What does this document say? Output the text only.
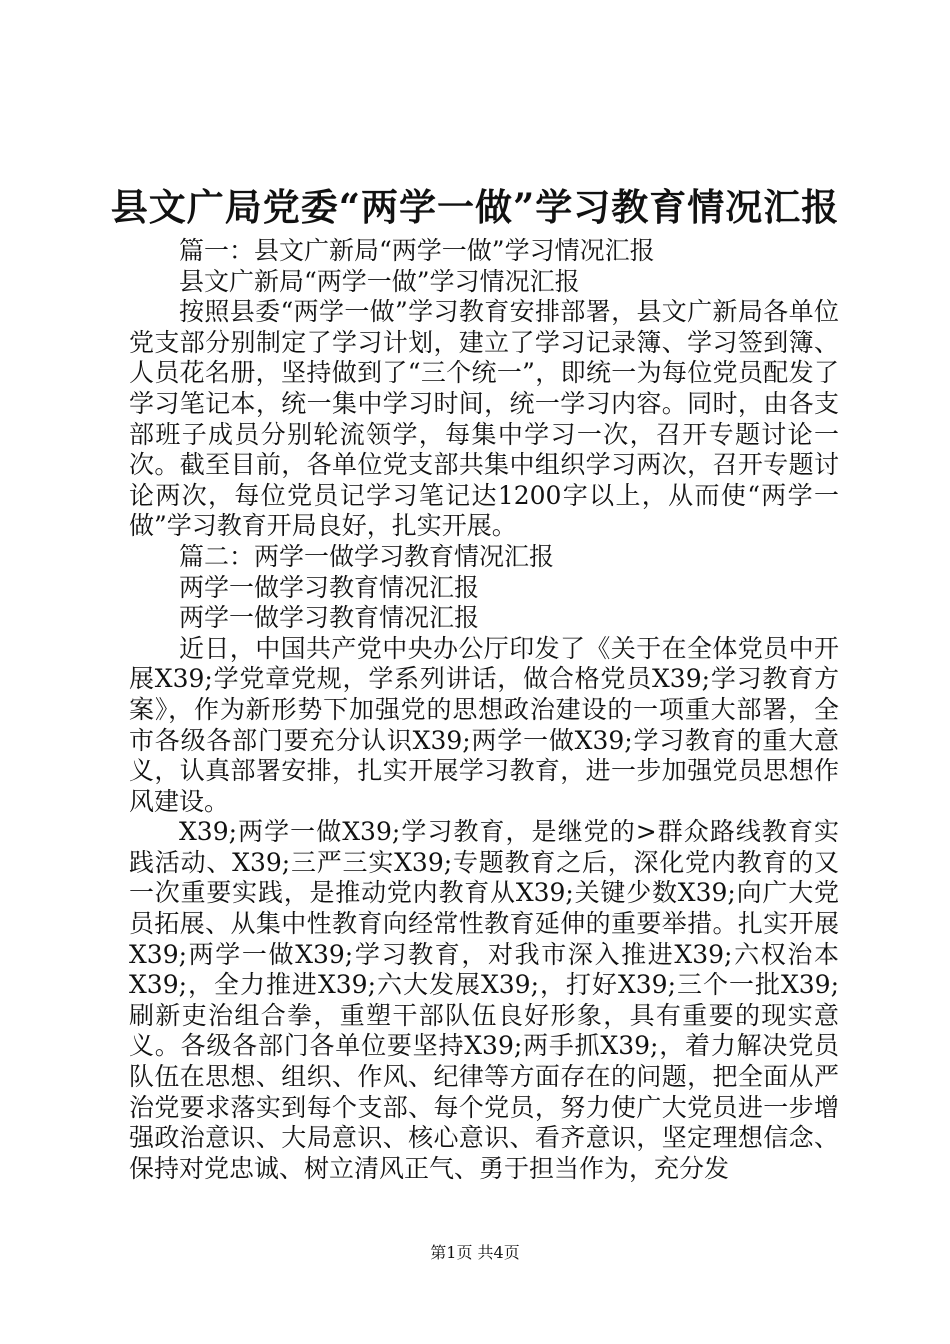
县文广局党委“两学一做”学习教育情况汇报

篇一：县文广新局“两学一做”学习情况汇报

县文广新局“两学一做”学习情况汇报

按照县委“两学一做”学习教育安排部署，县文广新局各单位党支部分别制定了学习计划，建立了学习记录簿、学习签到簿、人员花名册，坚持做到了“三个统一”，即统一为每位党员配发了学习笔记本，统一集中学习时间，统一学习内容。同时，由各支部班子成员分别轮流领学，每集中学习一次，召开专题讨论一次。截至目前，各单位党支部共集中组织学习两次，召开专题讨论两次，每位党员记学习笔记达1200字以上，从而使“两学一做”学习教育开局良好，扎实开展。

篇二：两学一做学习教育情况汇报

两学一做学习教育情况汇报

两学一做学习教育情况汇报

近日，中国共产党中央办公厅印发了《关于在全体党员中开展X39;学党章党规，学系列讲话，做合格党员X39;学习教育方案》，作为新形势下加强党的思想政治建设的一项重大部署，全市各级各部门要充分认识X39;两学一做X39;学习教育的重大意义，认真部署安排，扎实开展学习教育，进一步加强党员思想作风建设。

X39;两学一做X39;学习教育，是继党的>群众路线教育实践活动、X39;三严三实X39;专题教育之后，深化党内教育的又一次重要实践，是推动党内教育从X39;关键少数X39;向广大党员拓展、从集中性教育向经常性教育延伸的重要举措。扎实开展X39;两学一做X39;学习教育，对我市深入推进X39;六权治本X39;，全力推进X39;六大发展X39;，打好X39;三个一批X39;刷新吏治组合拳，重塑干部队伍良好形象，具有重要的现实意义。各级各部门各单位要坚持X39;两手抓X39;，着力解决党员队伍在思想、组织、作风、纪律等方面存在的问题，把全面从严治党要求落实到每个支部、每个党员，努力使广大党员进一步增强政治意识、大局意识、核心意识、看齐意识，坚定理想信念、保持对党忠诚、树立清风正气、勇于担当作为，充分发

第1页 共4页
